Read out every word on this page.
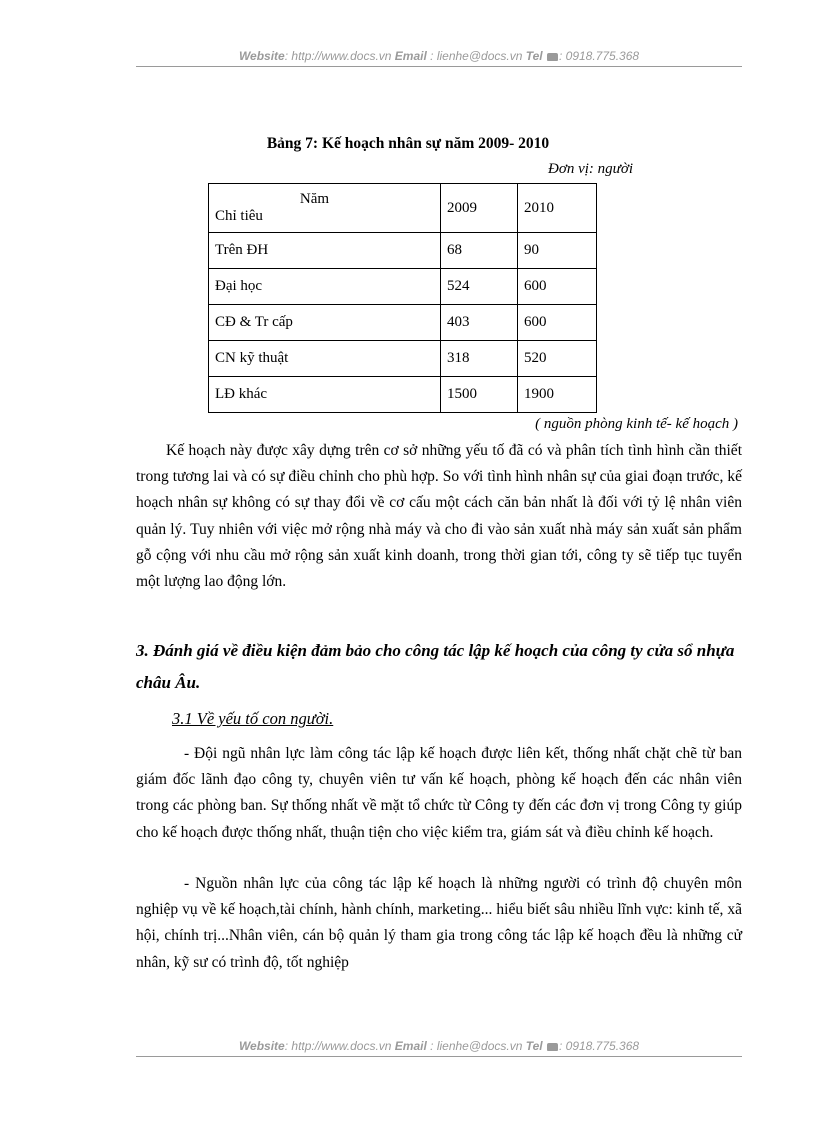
Website: http://www.docs.vn Email : lienhe@docs.vn Tel : 0918.775.368
Bảng 7: Kế hoạch nhân sự năm 2009- 2010
Đơn vị: người
Năm
Chỉ tiêu	2009	2010
Trên ĐH	68	90
Đại học	524	600
CĐ & Tr cấp	403	600
CN kỹ thuật	318	520
LĐ khác	1500	1900
( nguồn phòng kinh tế- kế hoạch )

Kế hoạch này được xây dựng trên cơ sở những yếu tố đã có và phân tích tình hình cần thiết trong tương lai và có sự điều chỉnh cho phù hợp. So với tình hình nhân sự của giai đoạn trước, kế hoạch nhân sự không có sự thay đổi về cơ cấu một cách căn bản nhất là đối với tỷ lệ nhân viên quản lý. Tuy nhiên với việc mở rộng nhà máy và cho đi vào sản xuất nhà máy sản xuất sản phẩm gỗ cộng với nhu cầu mở rộng sản xuất kinh doanh, trong thời gian tới, công ty sẽ tiếp tục tuyển một lượng lao động lớn.

3. Đánh giá về điều kiện đảm bảo cho công tác lập kế hoạch của công ty cửa sổ nhựa châu Âu.
3.1 Về yếu tố con người.

- Đội ngũ nhân lực làm công tác lập kế hoạch được liên kết, thống nhất chặt chẽ từ ban giám đốc lãnh đạo công ty, chuyên viên tư vấn kế hoạch, phòng kế hoạch đến các nhân viên trong các phòng ban. Sự thống nhất về mặt tổ chức từ Công ty đến các đơn vị trong Công ty giúp cho kế hoạch được thống nhất, thuận tiện cho việc kiểm tra, giám sát và điều chỉnh kế hoạch.

- Nguồn nhân lực của công tác lập kế hoạch là những người có trình độ chuyên môn nghiệp vụ về kế hoạch,tài chính, hành chính, marketing... hiểu biết sâu nhiều lĩnh vực: kinh tế, xã hội, chính trị...Nhân viên, cán bộ quản lý tham gia trong công tác lập kế hoạch đều là những cử nhân, kỹ sư có trình độ, tốt nghiệp

Website: http://www.docs.vn Email : lienhe@docs.vn Tel : 0918.775.368
